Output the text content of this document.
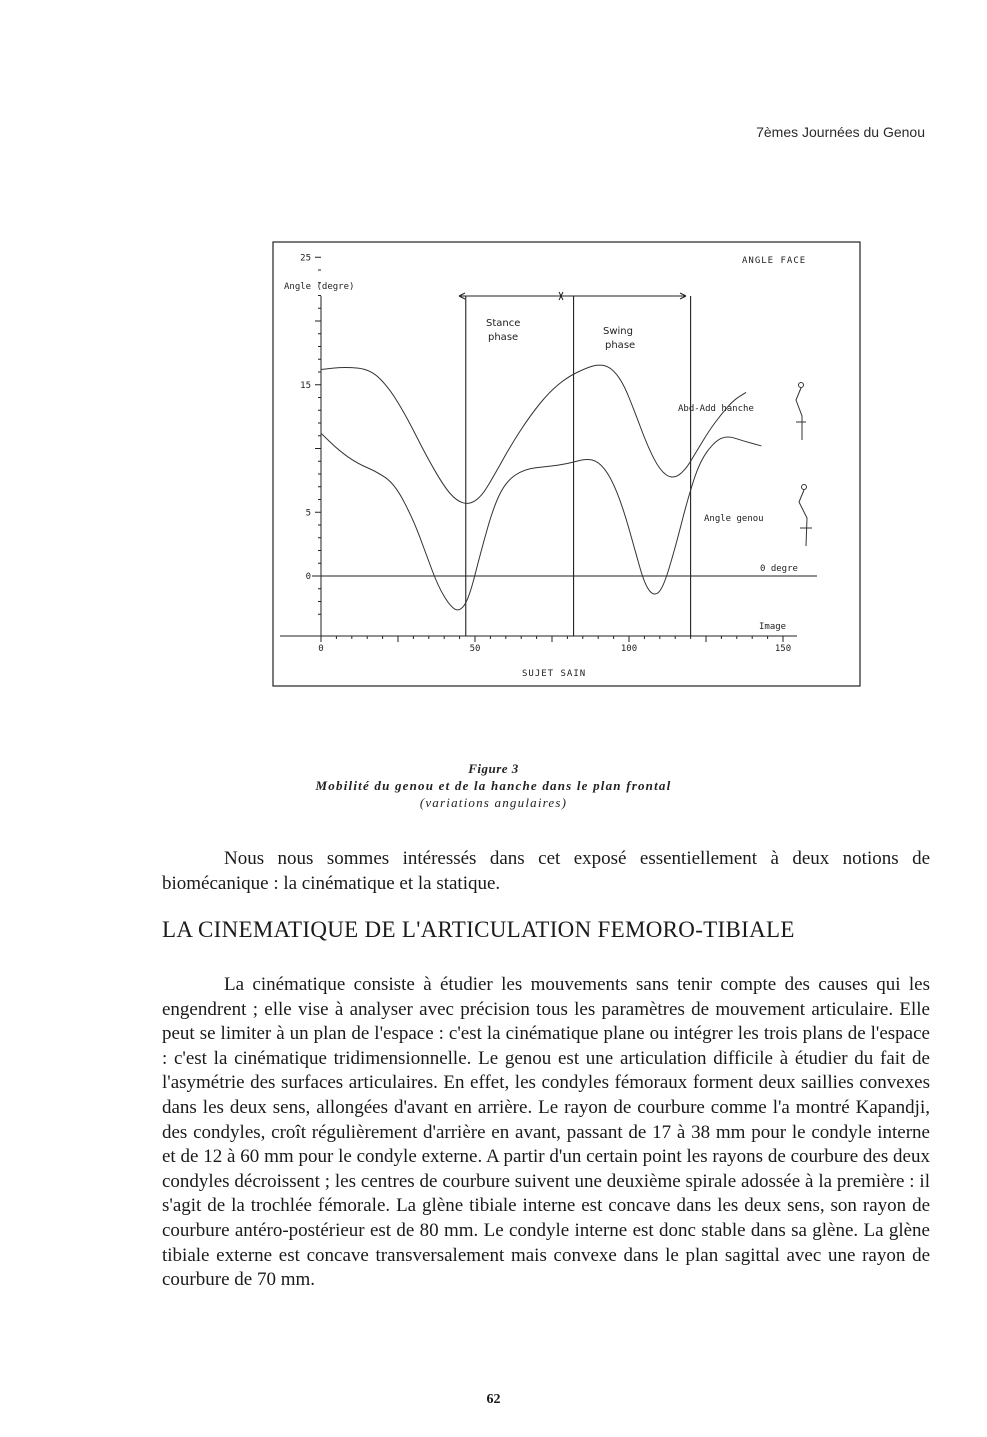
7èmes Journées du Genou
ANGLE FACE
Angle (degre)
0
5
15
25
0	50	100	150
Stance phase
Swing phase
Abd-Add hanche
Angle genou
0 degre
Image
SUJET SAIN
Figure 3
Mobilité du genou et de la hanche dans le plan frontal
(variations angulaires)

Nous nous sommes intéressés dans cet exposé essentiellement à deux notions de biomécanique : la cinématique et la statique.

LA CINEMATIQUE DE L'ARTICULATION FEMORO-TIBIALE

La cinématique consiste à étudier les mouvements sans tenir compte des causes qui les engendrent ; elle vise à analyser avec précision tous les paramètres de mouvement articulaire. Elle peut se limiter à un plan de l'espace : c'est la cinématique plane ou intégrer les trois plans de l'espace : c'est la cinématique tridimensionnelle. Le genou est une articulation difficile à étudier du fait de l'asymétrie des surfaces articulaires. En effet, les condyles fémoraux forment deux saillies convexes dans les deux sens, allongées d'avant en arrière. Le rayon de courbure comme l'a montré Kapandji, des condyles, croît régulièrement d'arrière en avant, passant de 17 à 38 mm pour le condyle interne et de 12 à 60 mm pour le condyle externe. A partir d'un certain point les rayons de courbure des deux condyles décroissent ; les centres de courbure suivent une deuxième spirale adossée à la première : il s'agit de la trochlée fémorale. La glène tibiale interne est concave dans les deux sens, son rayon de courbure antéro-postérieur est de 80 mm. Le condyle interne est donc stable dans sa glène. La glène tibiale externe est concave transversalement mais convexe dans le plan sagittal avec une rayon de courbure de 70 mm.

62
